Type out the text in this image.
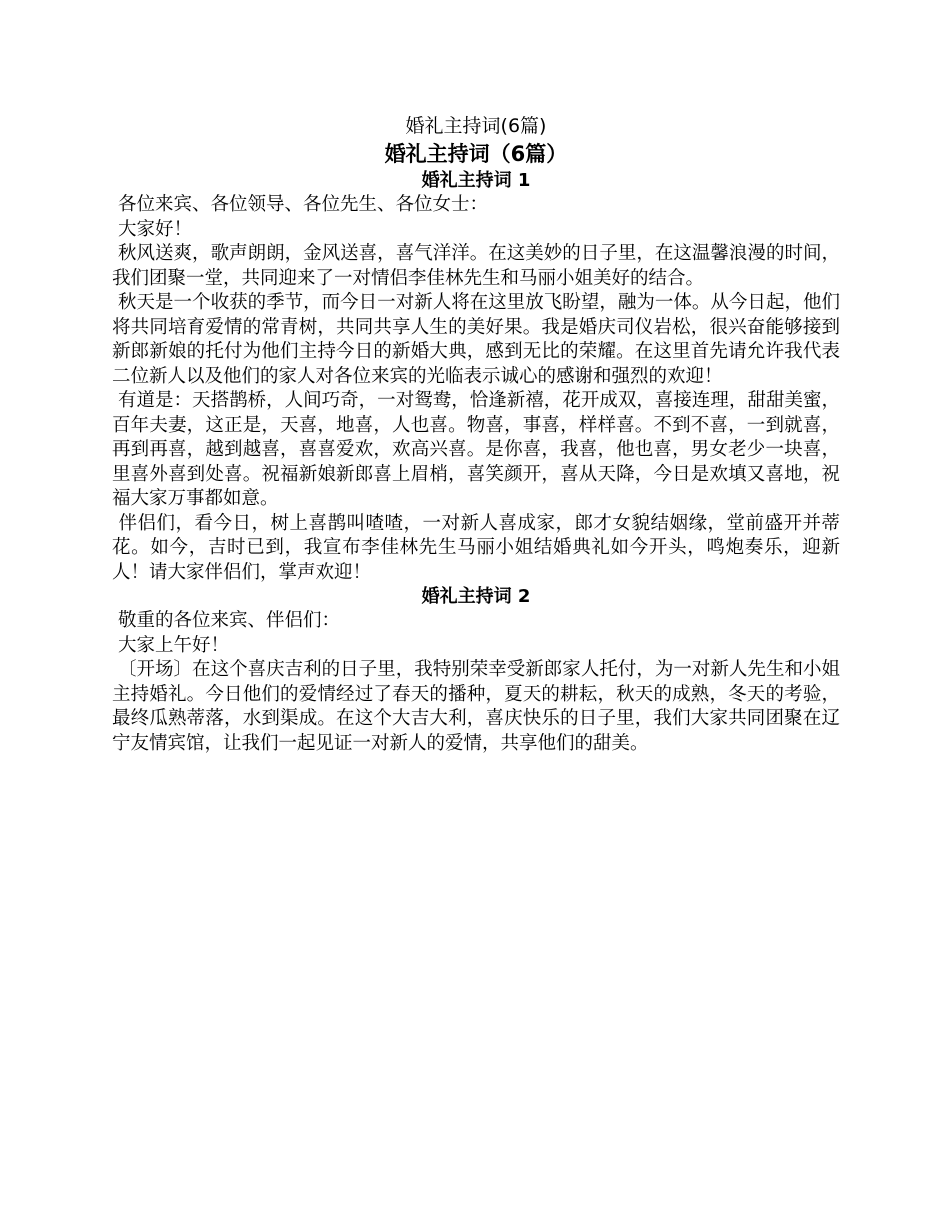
婚礼主持词(6篇)
婚礼主持词（6篇）
婚礼主持词 1

各位来宾、各位领导、各位先生、各位女士：

大家好！

秋风送爽，歌声朗朗，金风送喜，喜气洋洋。在这美妙的日子里，在这温馨浪漫的时间，我们团聚一堂，共同迎来了一对情侣李佳林先生和马丽小姐美好的结合。

秋天是一个收获的季节，而今日一对新人将在这里放飞盼望，融为一体。从今日起，他们将共同培育爱情的常青树，共同共享人生的美好果。我是婚庆司仪岩松，很兴奋能够接到新郎新娘的托付为他们主持今日的新婚大典，感到无比的荣耀。在这里首先请允许我代表二位新人以及他们的家人对各位来宾的光临表示诚心的感谢和强烈的欢迎！

有道是：天搭鹊桥，人间巧奇，一对鸳鸯，恰逢新禧，花开成双，喜接连理，甜甜美蜜，百年夫妻，这正是，天喜，地喜，人也喜。物喜，事喜，样样喜。不到不喜，一到就喜，再到再喜，越到越喜，喜喜爱欢，欢高兴喜。是你喜，我喜，他也喜，男女老少一块喜，里喜外喜到处喜。祝福新娘新郎喜上眉梢，喜笑颜开，喜从天降，今日是欢填又喜地，祝福大家万事都如意。

伴侣们，看今日，树上喜鹊叫喳喳，一对新人喜成家，郎才女貌结姻缘，堂前盛开并蒂花。如今，吉时已到，我宣布李佳林先生马丽小姐结婚典礼如今开头，鸣炮奏乐，迎新人！请大家伴侣们，掌声欢迎！

婚礼主持词 2

敬重的各位来宾、伴侣们：

大家上午好！

〔开场〕在这个喜庆吉利的日子里，我特别荣幸受新郎家人托付，为一对新人先生和小姐主持婚礼。今日他们的爱情经过了春天的播种，夏天的耕耘，秋天的成熟，冬天的考验，最终瓜熟蒂落，水到渠成。在这个大吉大利，喜庆快乐的日子里，我们大家共同团聚在辽宁友情宾馆，让我们一起见证一对新人的爱情，共享他们的甜美。
